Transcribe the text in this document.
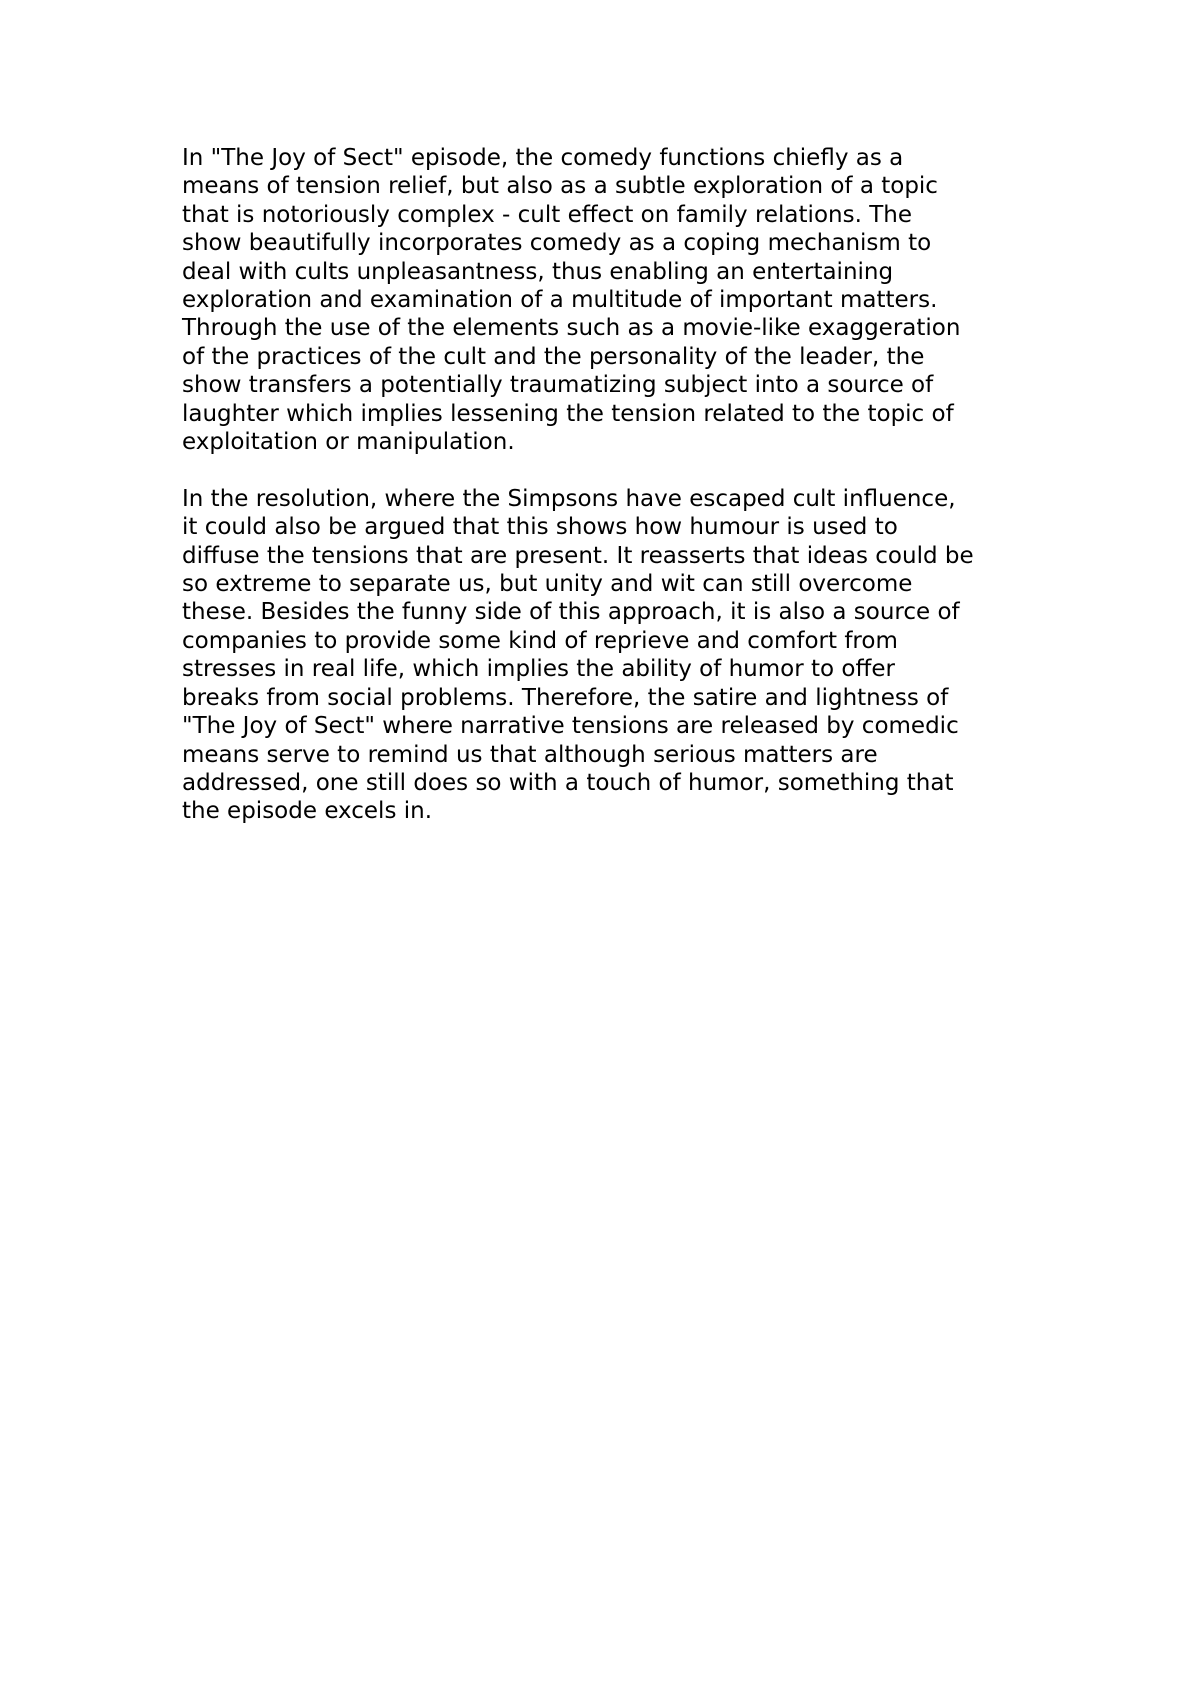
In "The Joy of Sect" episode, the comedy functions chiefly as a
means of tension relief, but also as a subtle exploration of a topic
that is notoriously complex - cult effect on family relations. The
show beautifully incorporates comedy as a coping mechanism to
deal with cults unpleasantness, thus enabling an entertaining
exploration and examination of a multitude of important matters.
Through the use of the elements such as a movie-like exaggeration
of the practices of the cult and the personality of the leader, the
show transfers a potentially traumatizing subject into a source of
laughter which implies lessening the tension related to the topic of
exploitation or manipulation.

In the resolution, where the Simpsons have escaped cult influence,
it could also be argued that this shows how humour is used to
diffuse the tensions that are present. It reasserts that ideas could be
so extreme to separate us, but unity and wit can still overcome
these. Besides the funny side of this approach, it is also a source of
companies to provide some kind of reprieve and comfort from
stresses in real life, which implies the ability of humor to offer
breaks from social problems. Therefore, the satire and lightness of
"The Joy of Sect" where narrative tensions are released by comedic
means serve to remind us that although serious matters are
addressed, one still does so with a touch of humor, something that
the episode excels in.
